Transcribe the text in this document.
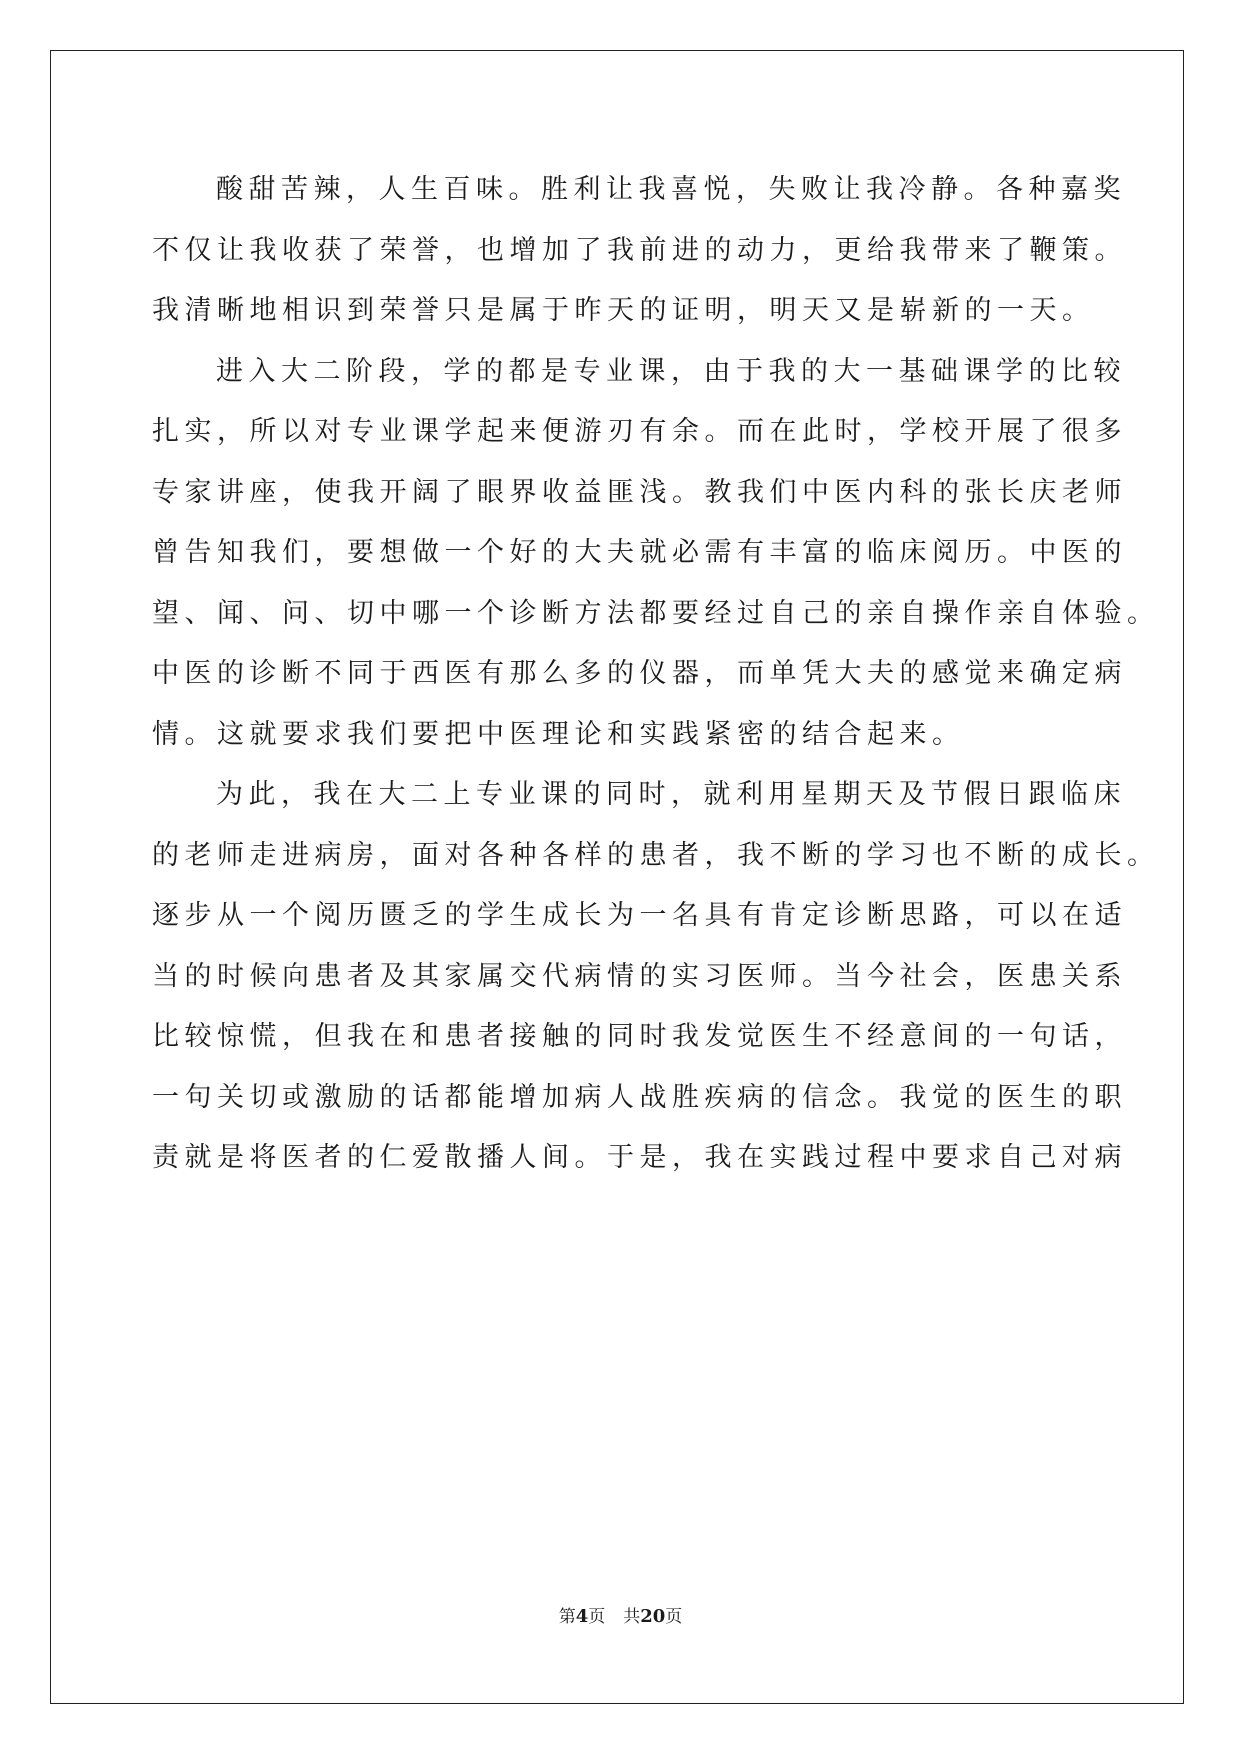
酸甜苦辣，人生百味。胜利让我喜悦，失败让我冷静。各种嘉奖
不仅让我收获了荣誉，也增加了我前进的动力，更给我带来了鞭策。
我清晰地相识到荣誉只是属于昨天的证明，明天又是崭新的一天。

进入大二阶段，学的都是专业课，由于我的大一基础课学的比较
扎实，所以对专业课学起来便游刃有余。而在此时，学校开展了很多
专家讲座，使我开阔了眼界收益匪浅。教我们中医内科的张长庆老师
曾告知我们，要想做一个好的大夫就必需有丰富的临床阅历。中医的
望、闻、问、切中哪一个诊断方法都要经过自己的亲自操作亲自体验。
中医的诊断不同于西医有那么多的仪器，而单凭大夫的感觉来确定病
情。这就要求我们要把中医理论和实践紧密的结合起来。

为此，我在大二上专业课的同时，就利用星期天及节假日跟临床
的老师走进病房，面对各种各样的患者，我不断的学习也不断的成长。
逐步从一个阅历匮乏的学生成长为一名具有肯定诊断思路，可以在适
当的时候向患者及其家属交代病情的实习医师。当今社会，医患关系
比较惊慌，但我在和患者接触的同时我发觉医生不经意间的一句话，
一句关切或激励的话都能增加病人战胜疾病的信念。我觉的医生的职
责就是将医者的仁爱散播人间。于是，我在实践过程中要求自己对病

第4页 共20页
